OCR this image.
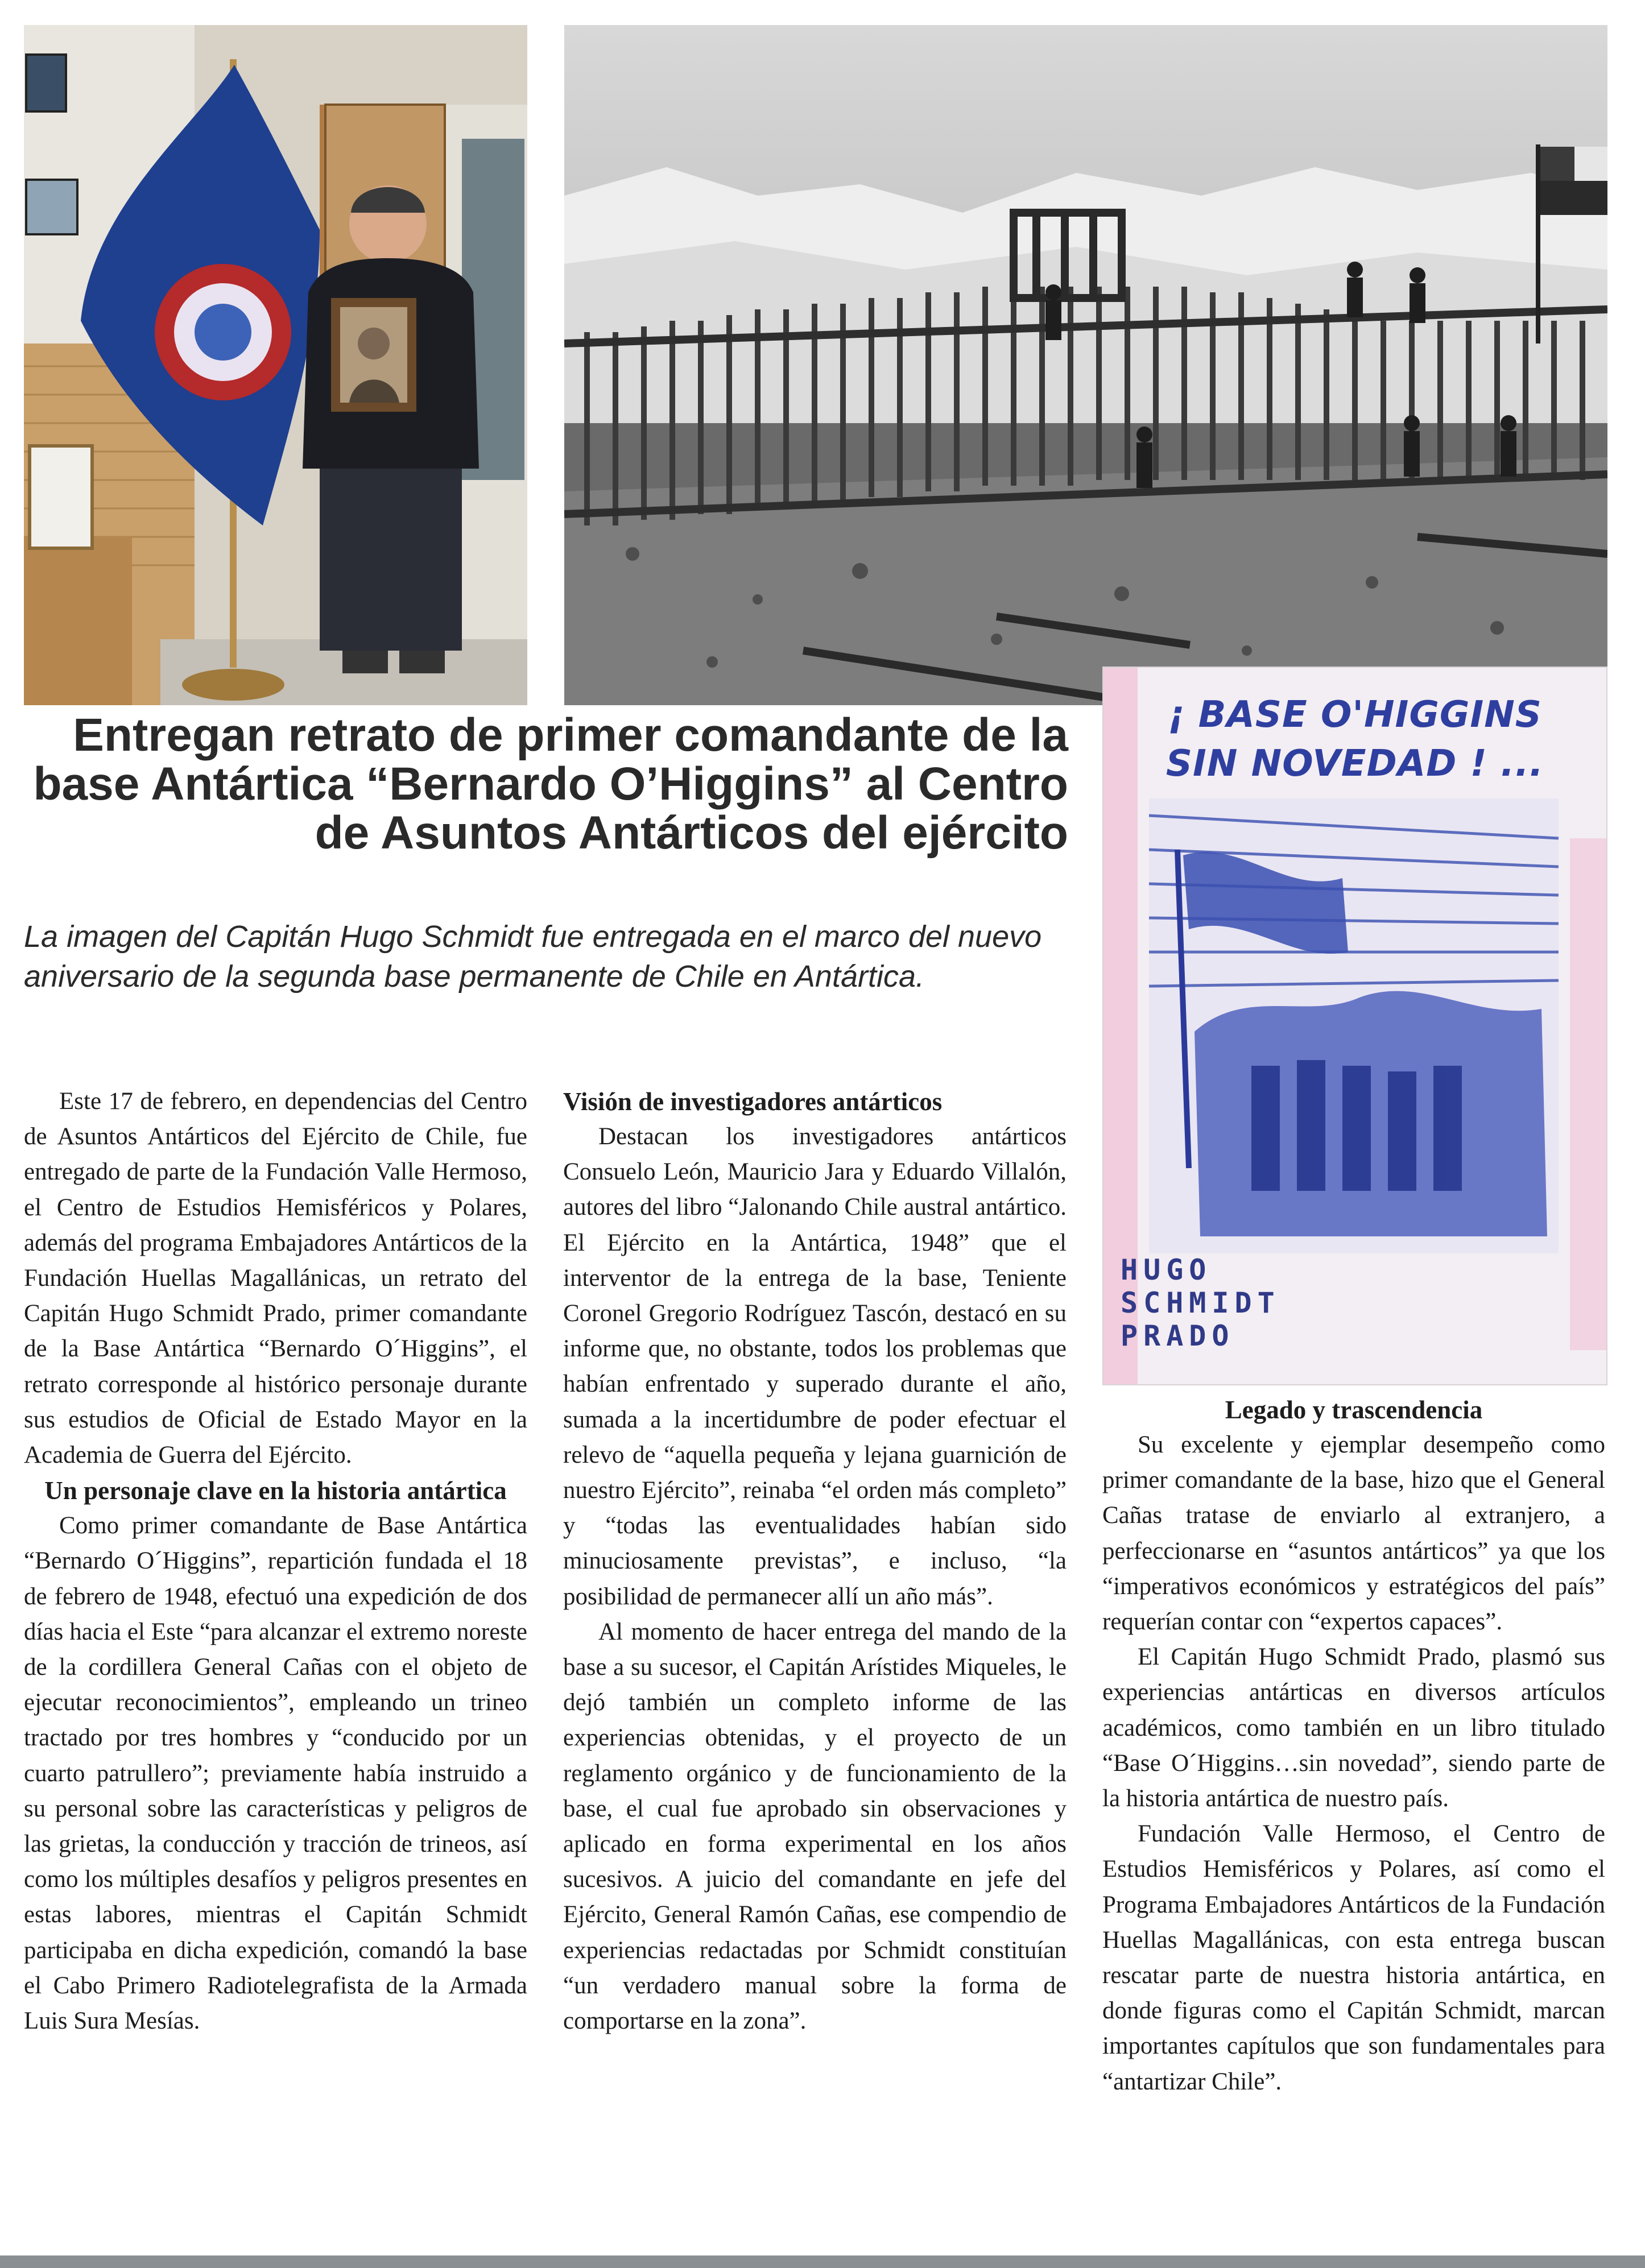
¡ BASE O'HIGGINS
SIN NOVEDAD ! ...
HUGO
SCHMIDT
PRADO
Entregan retrato de primer comandante de la base Antártica “Bernardo O’Higgins” al Centro de Asuntos Antárticos del ejército
La imagen del Capitán Hugo Schmidt fue entregada en el marco del nuevo aniversario de la segunda base permanente de Chile en Antártica.

Este 17 de febrero, en dependencias del Centro de Asuntos Antárticos del Ejército de Chile, fue entregado de parte de la Fundación Valle Hermoso, el Centro de Estudios Hemisféricos y Polares, además del programa Embajadores Antárticos de la Fundación Huellas Magallánicas, un retrato del Capitán Hugo Schmidt Prado, primer comandante de la Base Antártica “Bernardo O´Higgins”, el retrato corresponde al histórico personaje durante sus estudios de Oficial de Estado Mayor en la Academia de Guerra del Ejército.

Un personaje clave en la historia antártica

Como primer comandante de Base Antártica “Bernardo O´Higgins”, repartición fundada el 18 de febrero de 1948, efectuó una expedición de dos días hacia el Este “para alcanzar el extremo noreste de la cordillera General Cañas con el objeto de ejecutar reconocimientos”, empleando un trineo tractado por tres hombres y “conducido por un cuarto patrullero”; previamente había instruido a su personal sobre las características y peligros de las grietas, la conducción y tracción de trineos, así como los múltiples desafíos y peligros presentes en estas labores, mientras el Capitán Schmidt participaba en dicha expedición, comandó la base el Cabo Primero Radiotelegrafista de la Armada Luis Sura Mesías.

Visión de investigadores antárticos

Destacan los investigadores antárticos Consuelo León, Mauricio Jara y Eduardo Villalón, autores del libro “Jalonando Chile austral antártico. El Ejército en la Antártica, 1948” que el interventor de la entrega de la base, Teniente Coronel Gregorio Rodríguez Tascón, destacó en su informe que, no obstante, todos los problemas que habían enfrentado y superado durante el año, sumada a la incertidumbre de poder efectuar el relevo de “aquella pequeña y lejana guarnición de nuestro Ejército”, reinaba “el orden más completo” y “todas las eventualidades habían sido minuciosamente previstas”, e incluso, “la posibilidad de permanecer allí un año más”.

Al momento de hacer entrega del mando de la base a su sucesor, el Capitán Arístides Miqueles, le dejó también un completo informe de las experiencias obtenidas, y el proyecto de un reglamento orgánico y de funcionamiento de la base, el cual fue aprobado sin observaciones y aplicado en forma experimental en los años sucesivos. A juicio del comandante en jefe del Ejército, General Ramón Cañas, ese compendio de experiencias redactadas por Schmidt constituían “un verdadero manual sobre la forma de comportarse en la zona”.

Legado y trascendencia

Su excelente y ejemplar desempeño como primer comandante de la base, hizo que el General Cañas tratase de enviarlo al extranjero, a perfeccionarse en “asuntos antárticos” ya que los “imperativos económicos y estratégicos del país” requerían contar con “expertos capaces”.

El Capitán Hugo Schmidt Prado, plasmó sus experiencias antárticas en diversos artículos académicos, como también en un libro titulado “Base O´Higgins…sin novedad”, siendo parte de la historia antártica de nuestro país.

Fundación Valle Hermoso, el Centro de Estudios Hemisféricos y Polares, así como el Programa Embajadores Antárticos de la Fundación Huellas Magallánicas, con esta entrega buscan rescatar parte de nuestra historia antártica, en donde figuras como el Capitán Schmidt, marcan importantes capítulos que son fundamentales para “antartizar Chile”.
